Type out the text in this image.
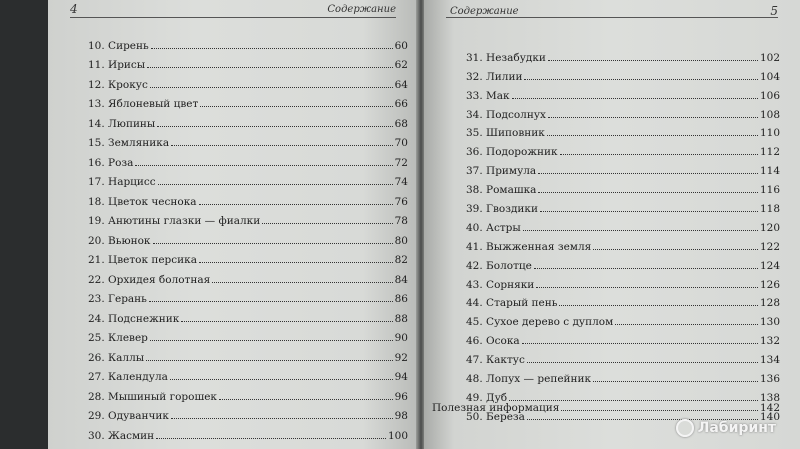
4	Содержание
10. Сирень	60
11. Ирисы	62
12. Крокус	64
13. Яблоневый цвет	66
14. Люпины	68
15. Земляника	70
16. Роза	72
17. Нарцисс	74
18. Цветок чеснока	76
19. Анютины глазки — фиалки	78
20. Вьюнок	80
21. Цветок персика	82
22. Орхидея болотная	84
23. Герань	86
24. Подснежник	88
25. Клевер	90
26. Каллы	92
27. Календула	94
28. Мышиный горошек	96
29. Одуванчик	98
30. Жасмин	100
Содержание	5
31. Незабудки	102
32. Лилии	104
33. Мак	106
34. Подсолнух	108
35. Шиповник	110
36. Подорожник	112
37. Примула	114
38. Ромашка	116
39. Гвоздики	118
40. Астры	120
41. Выжженная земля	122
42. Болотце	124
43. Сорняки	126
44. Старый пень	128
45. Сухое дерево с дуплом	130
46. Осока	132
47. Кактус	134
48. Лопух — репейник	136
49. Дуб	138
50. Береза	140
Полезная информация	142
Лабиринт
